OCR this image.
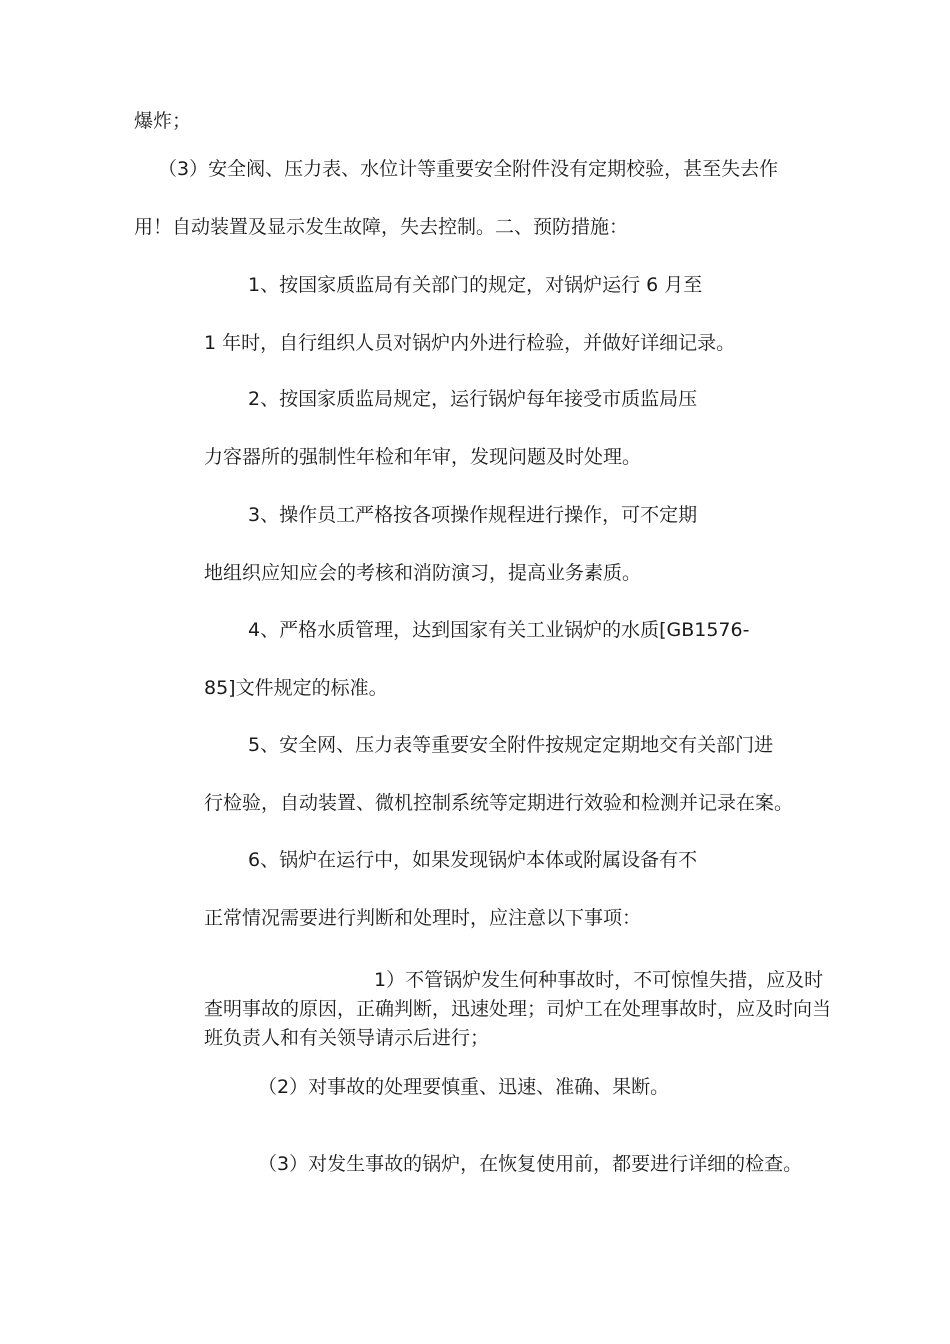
爆炸；
（3）安全阀、压力表、水位计等重要安全附件没有定期校验，甚至失去作
用！自动装置及显示发生故障，失去控制。二、预防措施：
1、按国家质监局有关部门的规定，对锅炉运行 6 月至
1 年时，自行组织人员对锅炉内外进行检验，并做好详细记录。
2、按国家质监局规定，运行锅炉每年接受市质监局压
力容器所的强制性年检和年审，发现问题及时处理。
3、操作员工严格按各项操作规程进行操作，可不定期
地组织应知应会的考核和消防演习，提高业务素质。
4、严格水质管理，达到国家有关工业锅炉的水质[GB1576-
85]文件规定的标准。
5、安全网、压力表等重要安全附件按规定定期地交有关部门进
行检验，自动装置、微机控制系统等定期进行效验和检测并记录在案。
6、锅炉在运行中，如果发现锅炉本体或附属设备有不
正常情况需要进行判断和处理时，应注意以下事项：
1）不管锅炉发生何种事故时，不可惊惶失措，应及时查明事故的原因，正确判断，迅速处理；司炉工在处理事故时，应及时向当班负责人和有关领导请示后进行；
（2）对事故的处理要慎重、迅速、准确、果断。
（3）对发生事故的锅炉，在恢复使用前，都要进行详细的检查。
